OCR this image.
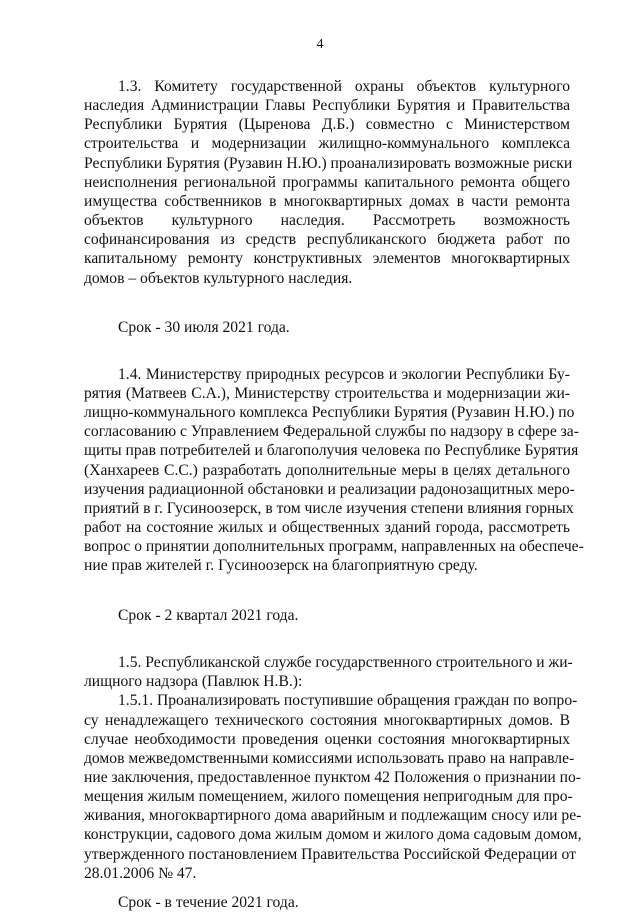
4
1.3. Комитету государственной охраны объектов культурного
наследия Администрации Главы Республики Бурятия и Правительства
Республики Бурятия (Цыренова Д.Б.) совместно с Министерством
строительства и модернизации жилищно-коммунального комплекса
Республики Бурятия (Рузавин Н.Ю.) проанализировать возможные риски
неисполнения региональной программы капитального ремонта общего
имущества собственников в многоквартирных домах в части ремонта
объектов культурного наследия. Рассмотреть возможность
софинансирования из средств республиканского бюджета работ по
капитальному ремонту конструктивных элементов многоквартирных
домов – объектов культурного наследия.
Срок - 30 июля 2021 года.
1.4. Министерству природных ресурсов и экологии Республики Бу-
рятия (Матвеев С.А.), Министерству строительства и модернизации жи-
лищно-коммунального комплекса Республики Бурятия (Рузавин Н.Ю.) по
согласованию с Управлением Федеральной службы по надзору в сфере за-
щиты прав потребителей и благополучия человека по Республике Бурятия
(Ханхареев С.С.) разработать дополнительные меры в целях детального
изучения радиационной обстановки и реализации радонозащитных меро-
приятий в г. Гусиноозерск, в том числе изучения степени влияния горных
работ на состояние жилых и общественных зданий города, рассмотреть
вопрос о принятии дополнительных программ, направленных на обеспече-
ние прав жителей г. Гусиноозерск на благоприятную среду.
Срок - 2 квартал 2021 года.
1.5. Республиканской службе государственного строительного и жи-
лищного надзора (Павлюк Н.В.):
1.5.1. Проанализировать поступившие обращения граждан по вопро-
су ненадлежащего технического состояния многоквартирных домов. В
случае необходимости проведения оценки состояния многоквартирных
домов межведомственными комиссиями использовать право на направле-
ние заключения, предоставленное пунктом 42 Положения о признании по-
мещения жилым помещением, жилого помещения непригодным для про-
живания, многоквартирного дома аварийным и подлежащим сносу или ре-
конструкции, садового дома жилым домом и жилого дома садовым домом,
утвержденного постановлением Правительства Российской Федерации от
28.01.2006 № 47.
Срок - в течение 2021 года.
